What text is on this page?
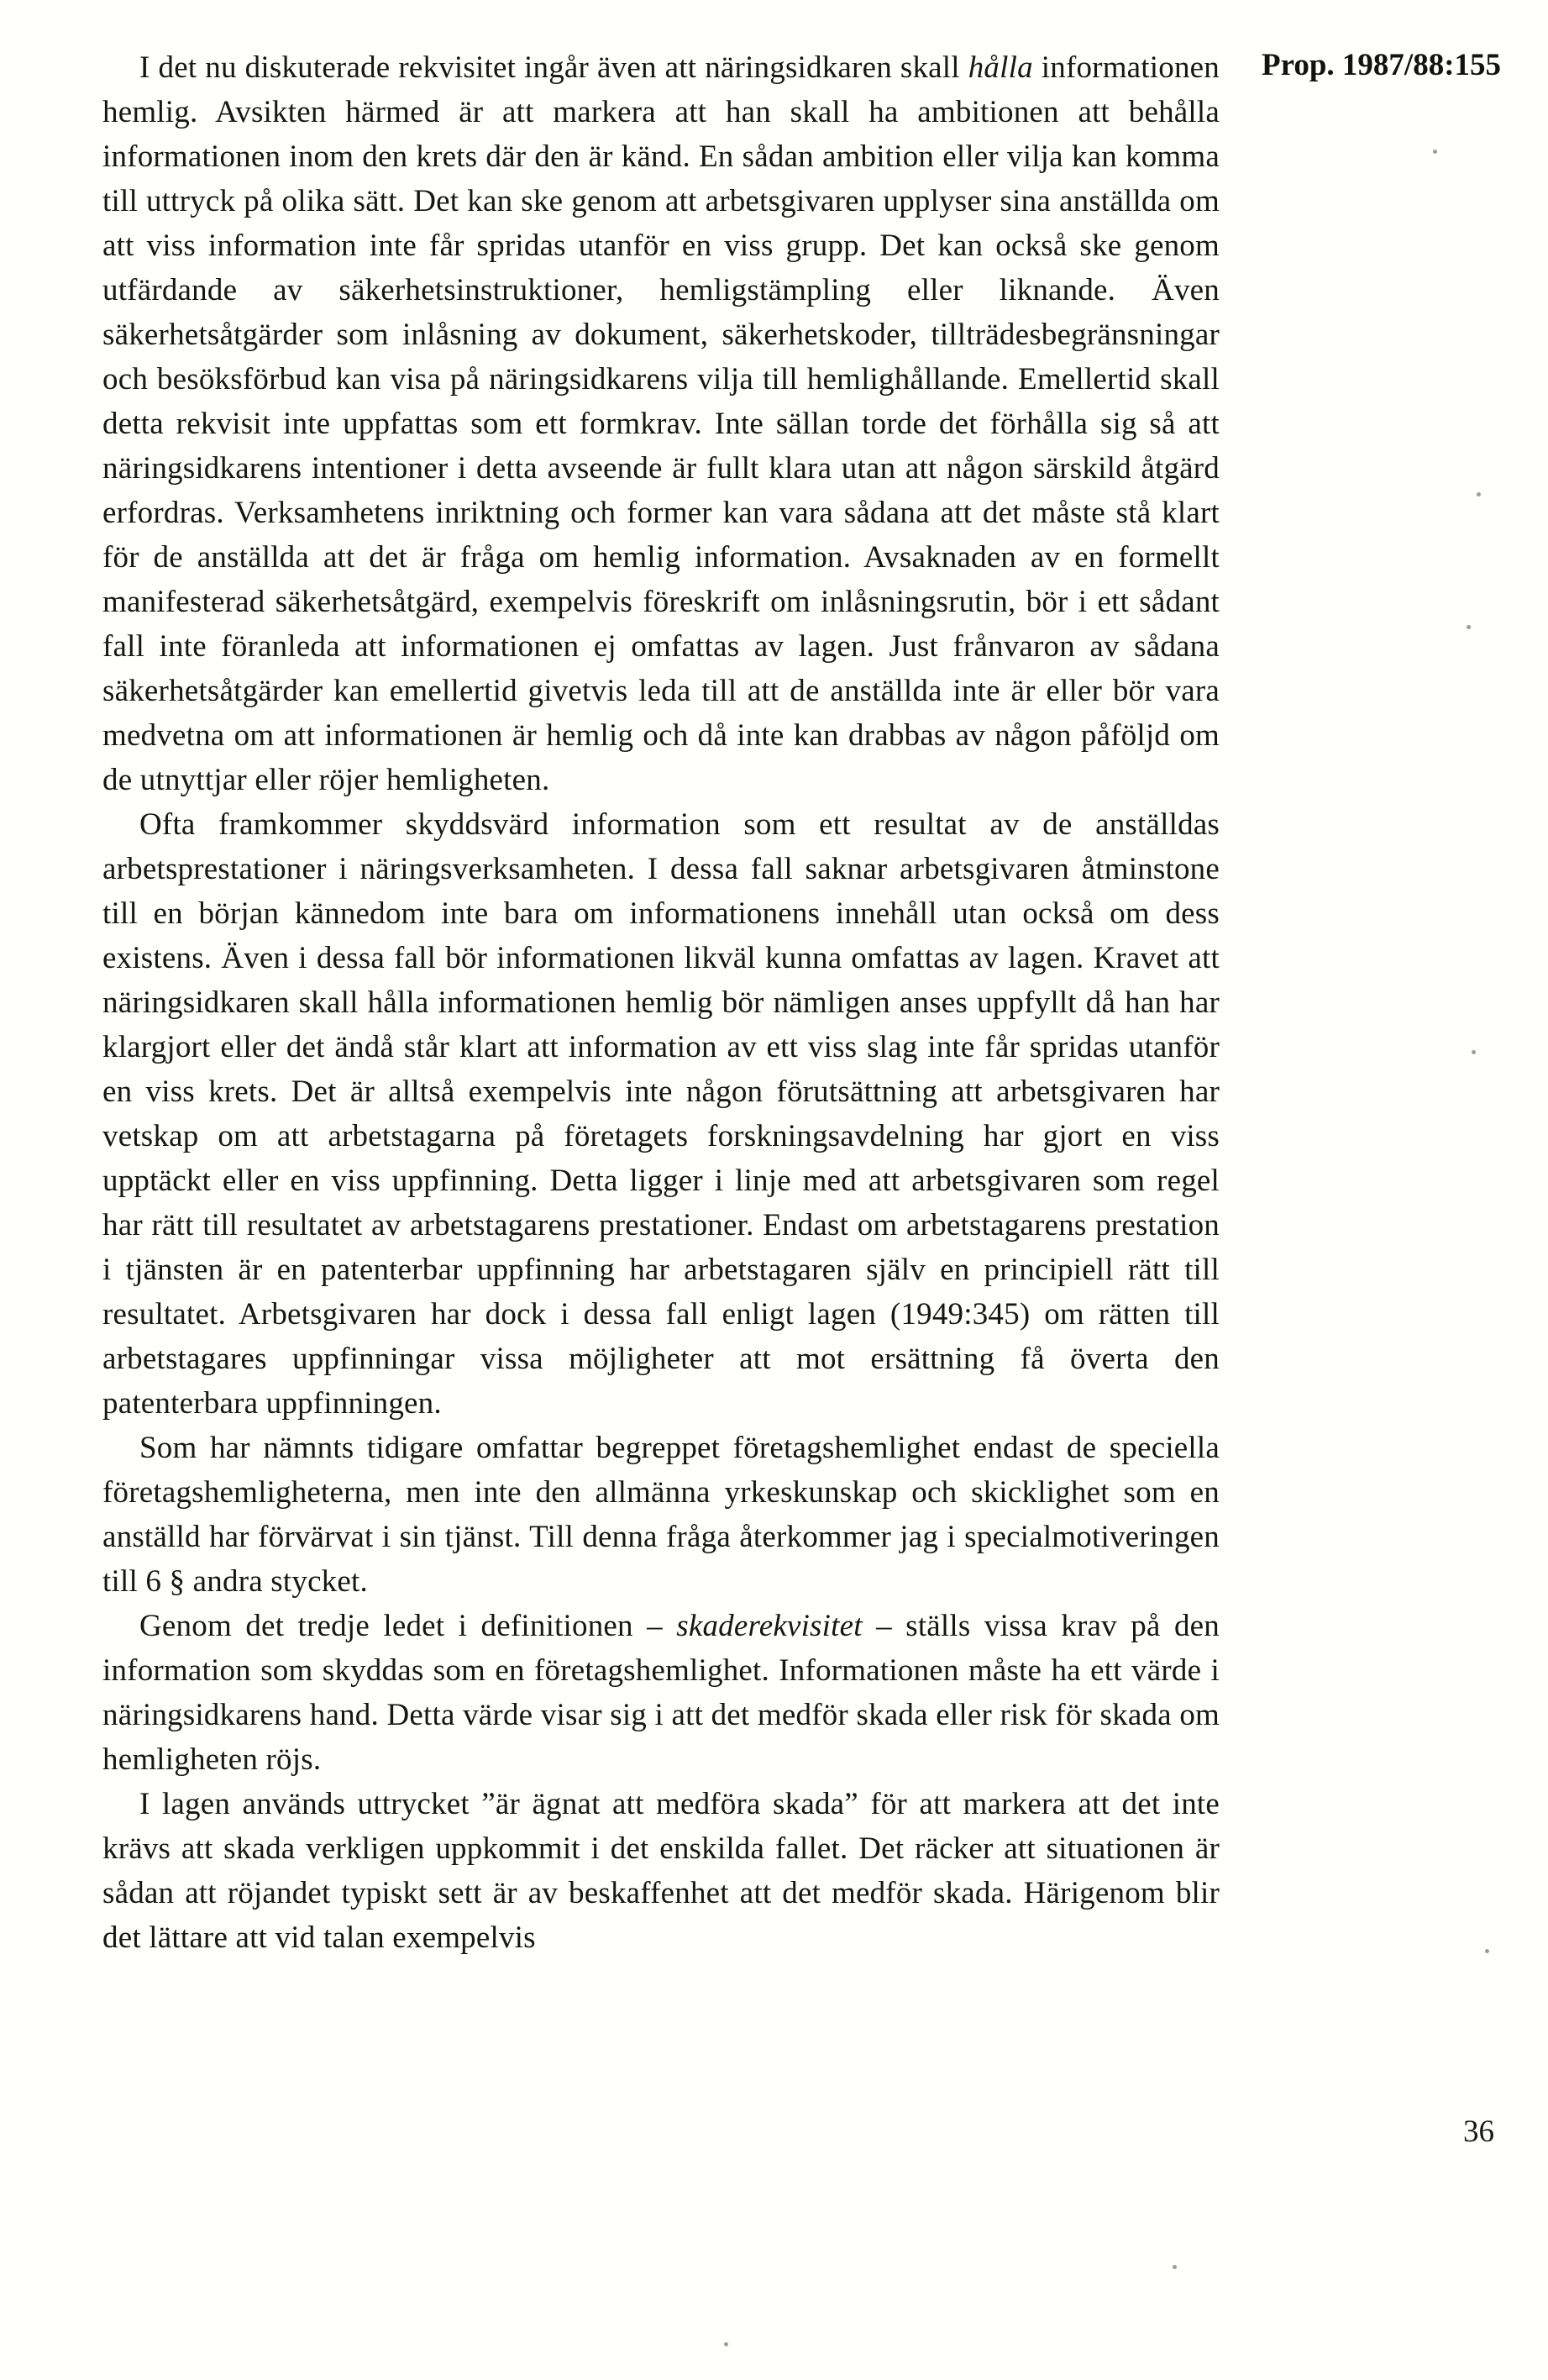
Prop. 1987/88:155

I det nu diskuterade rekvisitet ingår även att näringsidkaren skall hålla informationen hemlig. Avsikten härmed är att markera att han skall ha ambitionen att behålla informationen inom den krets där den är känd. En sådan ambition eller vilja kan komma till uttryck på olika sätt. Det kan ske genom att arbetsgivaren upplyser sina anställda om att viss information inte får spridas utanför en viss grupp. Det kan också ske genom utfärdande av säkerhetsinstruktioner, hemligstämpling eller liknande. Även säkerhetsåtgärder som inlåsning av dokument, säkerhetskoder, tillträdesbegränsningar och besöksförbud kan visa på näringsidkarens vilja till hemlighållande. Emellertid skall detta rekvisit inte uppfattas som ett formkrav. Inte sällan torde det förhålla sig så att näringsidkarens intentioner i detta avseende är fullt klara utan att någon särskild åtgärd erfordras. Verksamhetens inriktning och former kan vara sådana att det måste stå klart för de anställda att det är fråga om hemlig information. Avsaknaden av en formellt manifesterad säkerhetsåtgärd, exempelvis föreskrift om inlåsningsrutin, bör i ett sådant fall inte föranleda att informationen ej omfattas av lagen. Just frånvaron av sådana säkerhetsåtgärder kan emellertid givetvis leda till att de anställda inte är eller bör vara medvetna om att informationen är hemlig och då inte kan drabbas av någon påföljd om de utnyttjar eller röjer hemligheten.

Ofta framkommer skyddsvärd information som ett resultat av de anställdas arbetsprestationer i näringsverksamheten. I dessa fall saknar arbetsgivaren åtminstone till en början kännedom inte bara om informationens innehåll utan också om dess existens. Även i dessa fall bör informationen likväl kunna omfattas av lagen. Kravet att näringsidkaren skall hålla informationen hemlig bör nämligen anses uppfyllt då han har klargjort eller det ändå står klart att information av ett viss slag inte får spridas utanför en viss krets. Det är alltså exempelvis inte någon förutsättning att arbetsgivaren har vetskap om att arbetstagarna på företagets forskningsavdelning har gjort en viss upptäckt eller en viss uppfinning. Detta ligger i linje med att arbetsgivaren som regel har rätt till resultatet av arbetstagarens prestationer. Endast om arbetstagarens prestation i tjänsten är en patenterbar uppfinning har arbetstagaren själv en principiell rätt till resultatet. Arbetsgivaren har dock i dessa fall enligt lagen (1949:345) om rätten till arbetstagares uppfinningar vissa möjligheter att mot ersättning få överta den patenterbara uppfinningen.

Som har nämnts tidigare omfattar begreppet företagshemlighet endast de speciella företagshemligheterna, men inte den allmänna yrkeskunskap och skicklighet som en anställd har förvärvat i sin tjänst. Till denna fråga återkommer jag i specialmotiveringen till 6 § andra stycket.

Genom det tredje ledet i definitionen – skaderekvisitet – ställs vissa krav på den information som skyddas som en företagshemlighet. Informationen måste ha ett värde i näringsidkarens hand. Detta värde visar sig i att det medför skada eller risk för skada om hemligheten röjs.

I lagen används uttrycket ”är ägnat att medföra skada” för att markera att det inte krävs att skada verkligen uppkommit i det enskilda fallet. Det räcker att situationen är sådan att röjandet typiskt sett är av beskaffenhet att det medför skada. Härigenom blir det lättare att vid talan exempelvis

36
